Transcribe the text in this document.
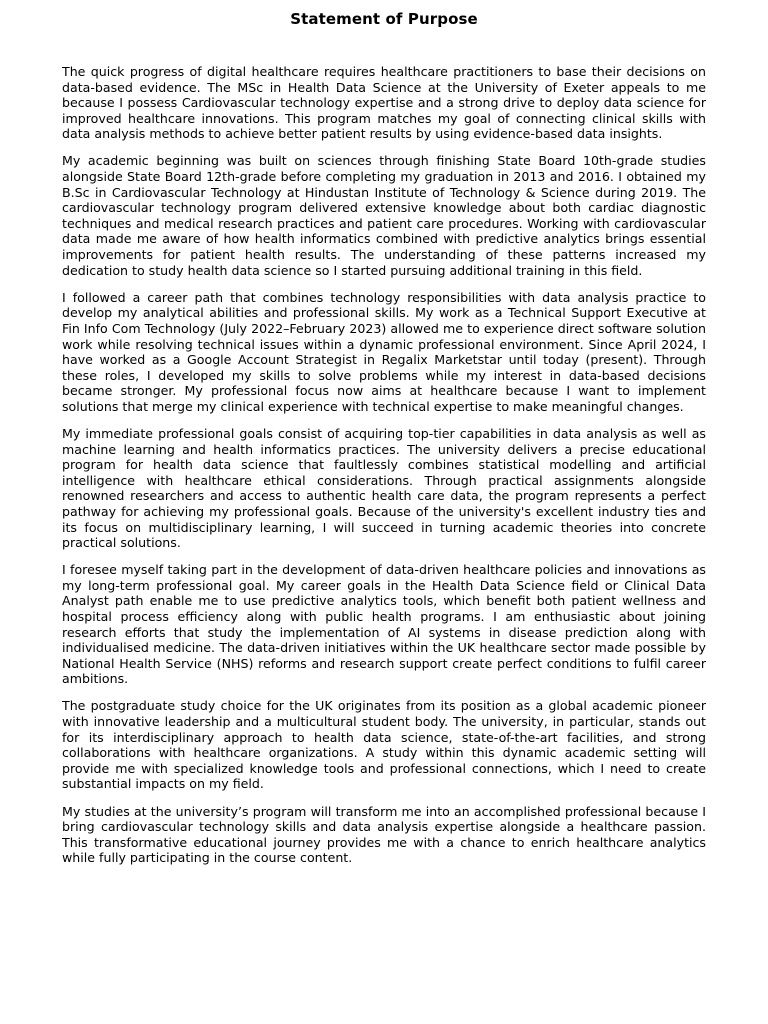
Statement of Purpose

The quick progress of digital healthcare requires healthcare practitioners to base their decisions on data-based evidence. The MSc in Health Data Science at the University of Exeter appeals to me because I possess Cardiovascular technology expertise and a strong drive to deploy data science for improved healthcare innovations. This program matches my goal of connecting clinical skills with data analysis methods to achieve better patient results by using evidence-based data insights.

My academic beginning was built on sciences through finishing State Board 10th-grade studies alongside State Board 12th-grade before completing my graduation in 2013 and 2016. I obtained my B.Sc in Cardiovascular Technology at Hindustan Institute of Technology & Science during 2019. The cardiovascular technology program delivered extensive knowledge about both cardiac diagnostic techniques and medical research practices and patient care procedures. Working with cardiovascular data made me aware of how health informatics combined with predictive analytics brings essential improvements for patient health results. The understanding of these patterns increased my dedication to study health data science so I started pursuing additional training in this field.

I followed a career path that combines technology responsibilities with data analysis practice to develop my analytical abilities and professional skills. My work as a Technical Support Executive at Fin Info Com Technology (July 2022–February 2023) allowed me to experience direct software solution work while resolving technical issues within a dynamic professional environment. Since April 2024, I have worked as a Google Account Strategist in Regalix Marketstar until today (present). Through these roles, I developed my skills to solve problems while my interest in data-based decisions became stronger. My professional focus now aims at healthcare because I want to implement solutions that merge my clinical experience with technical expertise to make meaningful changes.

My immediate professional goals consist of acquiring top-tier capabilities in data analysis as well as machine learning and health informatics practices. The university delivers a precise educational program for health data science that faultlessly combines statistical modelling and artificial intelligence with healthcare ethical considerations. Through practical assignments alongside renowned researchers and access to authentic health care data, the program represents a perfect pathway for achieving my professional goals. Because of the university's excellent industry ties and its focus on multidisciplinary learning, I will succeed in turning academic theories into concrete practical solutions.

I foresee myself taking part in the development of data-driven healthcare policies and innovations as my long-term professional goal. My career goals in the Health Data Science field or Clinical Data Analyst path enable me to use predictive analytics tools, which benefit both patient wellness and hospital process efficiency along with public health programs. I am enthusiastic about joining research efforts that study the implementation of AI systems in disease prediction along with individualised medicine. The data-driven initiatives within the UK healthcare sector made possible by National Health Service (NHS) reforms and research support create perfect conditions to fulfil career ambitions.

The postgraduate study choice for the UK originates from its position as a global academic pioneer with innovative leadership and a multicultural student body. The university, in particular, stands out for its interdisciplinary approach to health data science, state-of-the-art facilities, and strong collaborations with healthcare organizations. A study within this dynamic academic setting will provide me with specialized knowledge tools and professional connections, which I need to create substantial impacts on my field.

My studies at the university’s program will transform me into an accomplished professional because I bring cardiovascular technology skills and data analysis expertise alongside a healthcare passion. This transformative educational journey provides me with a chance to enrich healthcare analytics while fully participating in the course content.
